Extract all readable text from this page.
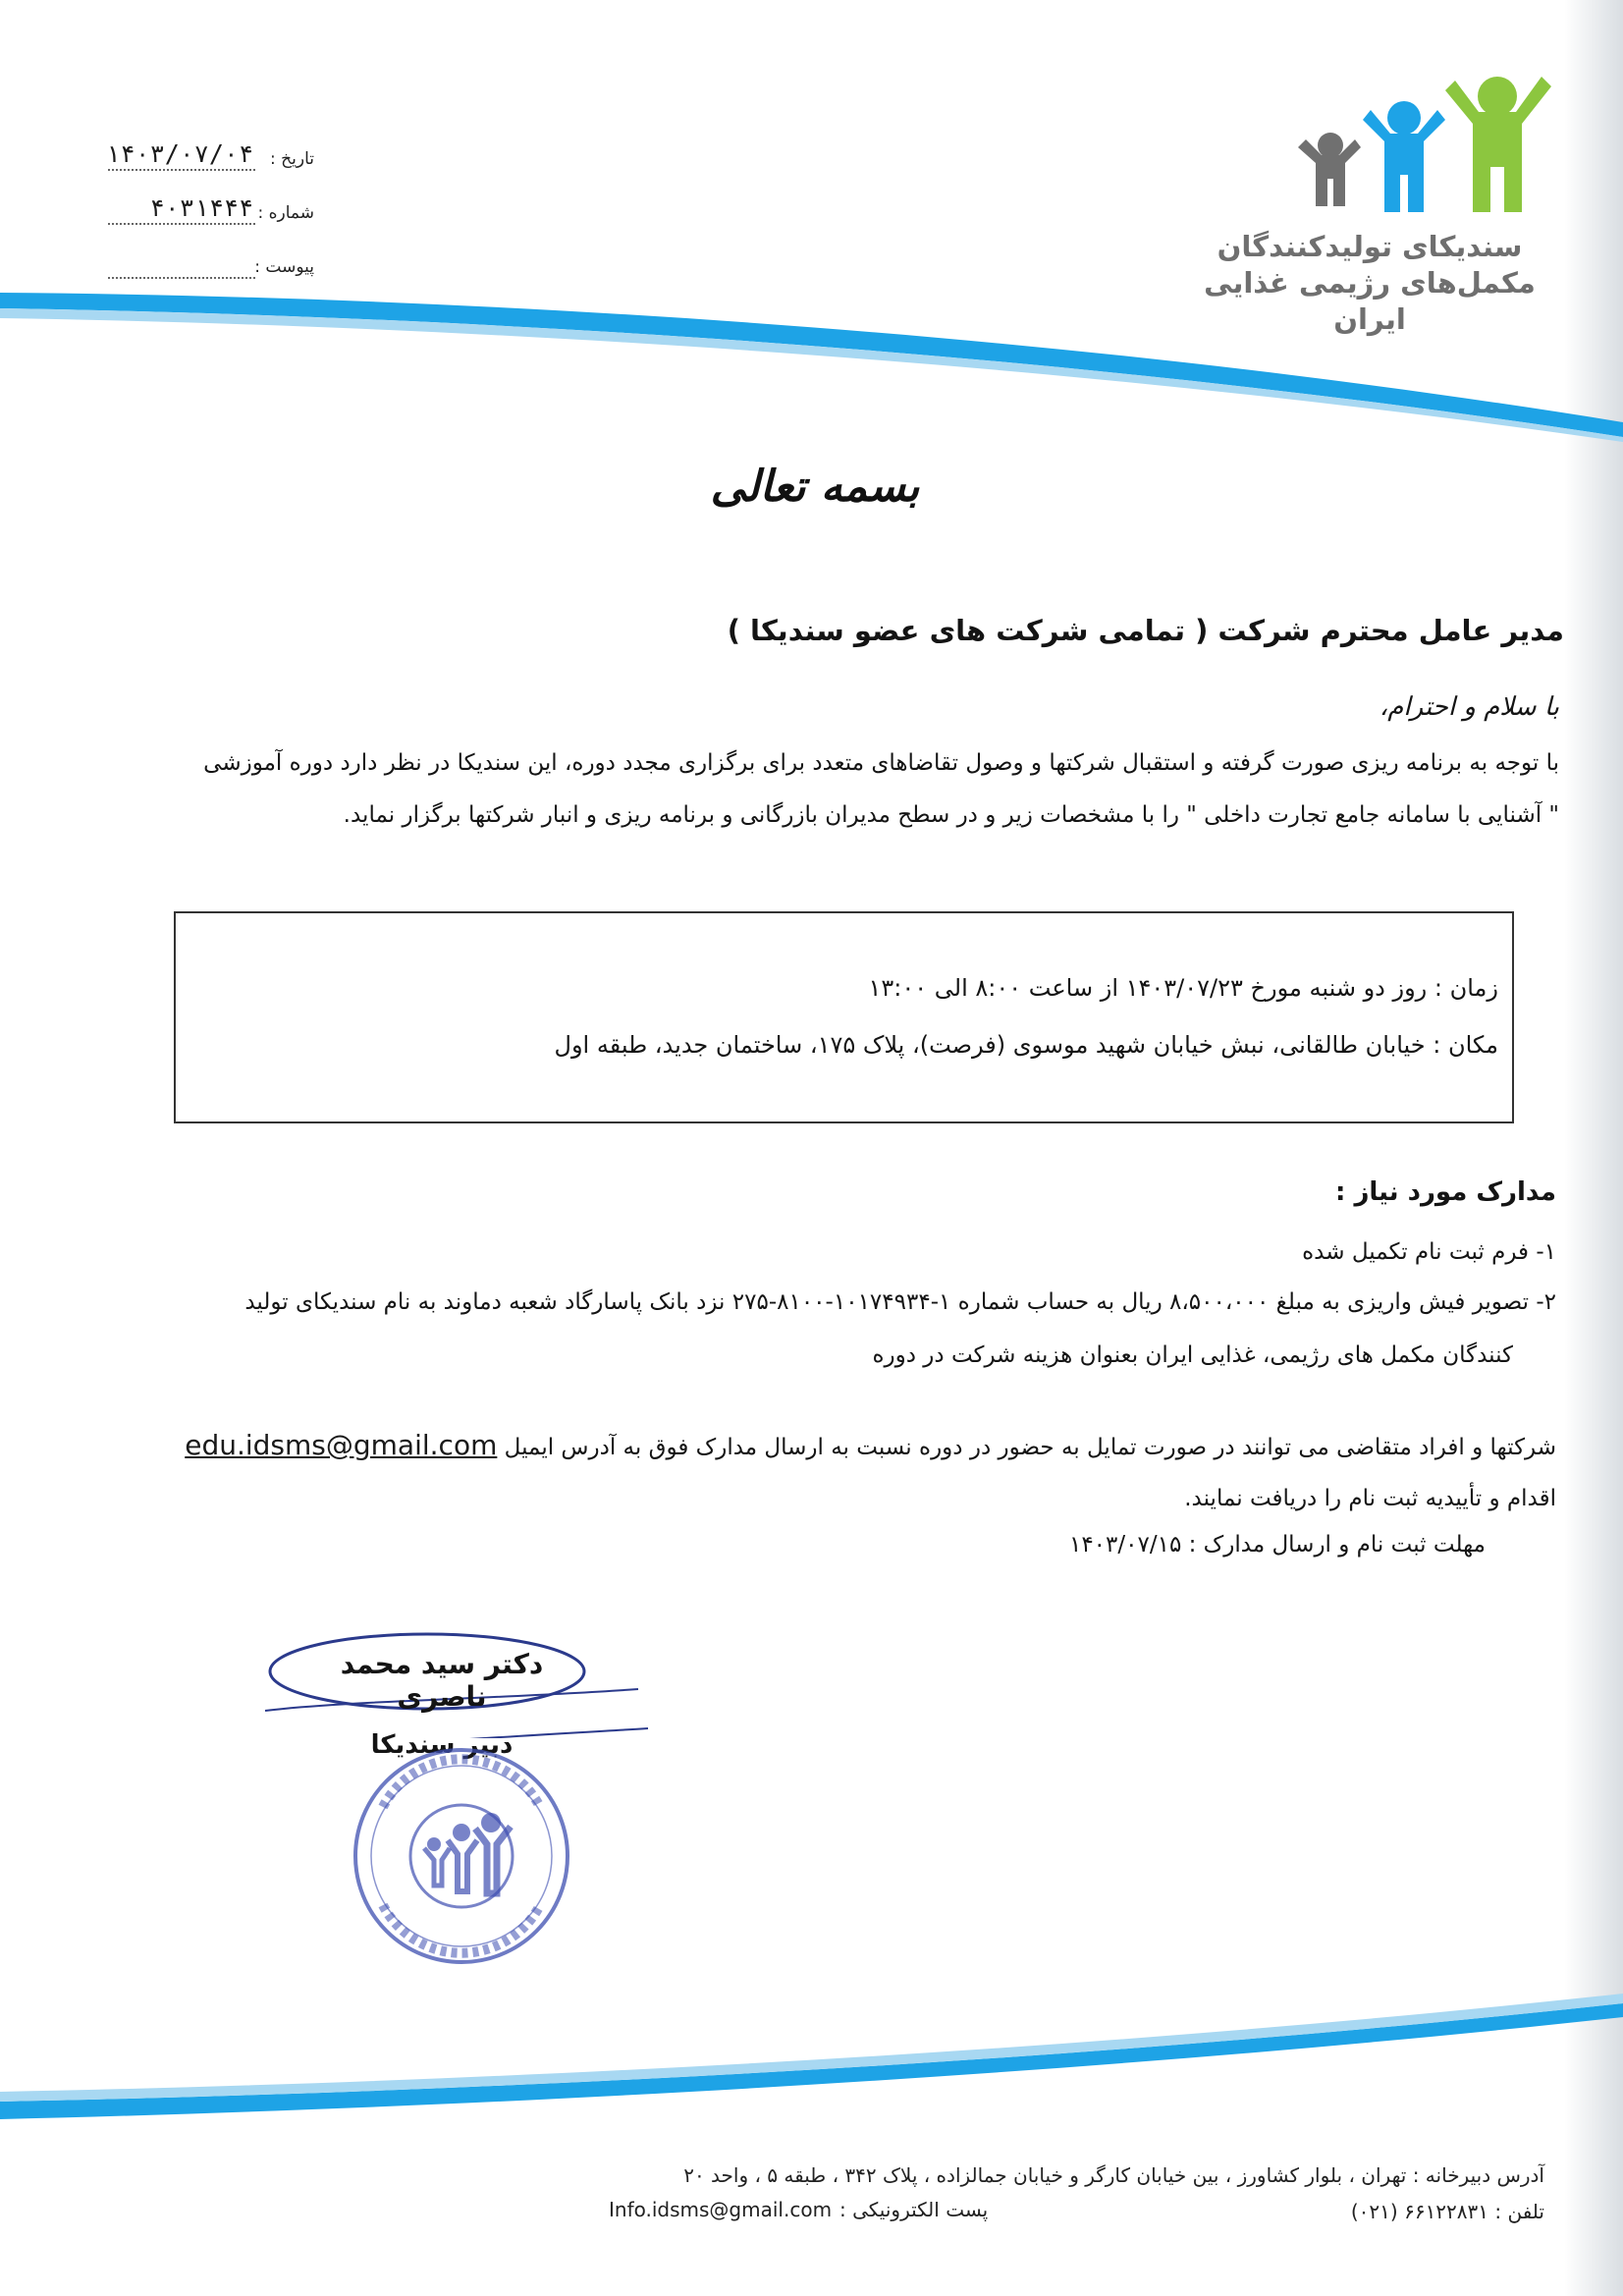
تاریخ :
۱۴۰۳/۰۷/۰۴
شماره :
۴۰۳۱۴۴۴
پیوست :
سندیکای تولیدکنندگان
مکمل‌های رژیمی غذایی
ایران
بسمه تعالی
مدیر عامل محترم شرکت ( تمامی شرکت های عضو سندیکا )
با سلام و احترام،
با توجه به برنامه ریزی صورت گرفته و استقبال شرکتها و وصول تقاضاهای متعدد برای برگزاری مجدد دوره، این سندیکا در نظر دارد دوره آموزشی
" آشنایی با سامانه جامع تجارت داخلی " را با مشخصات زیر و در سطح مدیران بازرگانی و برنامه ریزی و انبار شرکتها برگزار نماید.
زمان : روز دو شنبه مورخ ۱۴۰۳/۰۷/۲۳ از ساعت ۸:۰۰ الی ۱۳:۰۰
مکان : خیابان طالقانی، نبش خیابان شهید موسوی (فرصت)، پلاک ۱۷۵، ساختمان جدید، طبقه اول
مدارک مورد نیاز :
۱- فرم ثبت نام تکمیل شده
۲- تصویر فیش واریزی به مبلغ ۸،۵۰۰،۰۰۰ ریال به حساب شماره ۱-۱۰۱۷۴۹۳۴-۸۱۰۰-۲۷۵ نزد بانک پاسارگاد شعبه دماوند به نام سندیکای تولید
کنندگان مکمل های رژیمی، غذایی ایران بعنوان هزینه شرکت در دوره
شرکتها و افراد متقاضی می توانند در صورت تمایل به حضور در دوره نسبت به ارسال مدارک فوق به آدرس ایمیل edu.idsms@gmail.com
اقدام و تأییدیه ثبت نام را دریافت نمایند.
مهلت ثبت نام و ارسال مدارک : ۱۴۰۳/۰۷/۱۵
دکتر سید محمد ناصری
دبیر سندیکا
آدرس دبیرخانه : تهران ، بلوار کشاورز ، بین خیابان کارگر و خیابان جمالزاده ، پلاک ۳۴۲ ، طبقه ۵ ، واحد ۲۰
تلفن : ۶۶۱۲۲۸۳۱ (۰۲۱)
پست الکترونیکی :
Info.idsms@gmail.com
